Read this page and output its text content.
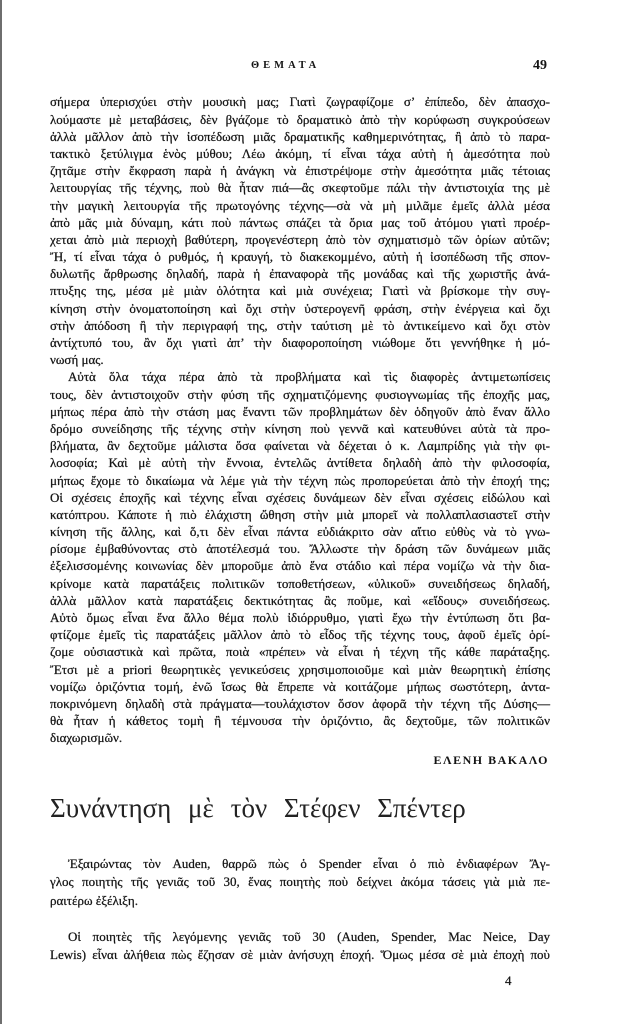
ΘΕΜΑΤΑ	49
σήμερα ὑπερισχύει στὴν μουσικὴ μας; Γιατὶ ζωγραφίζομε σ’ ἐπίπεδο, δὲν ἀπασχο-
λούμαστε μὲ μεταβάσεις, δὲν βγάζομε τὸ δραματικὸ ἀπὸ τὴν κορύφωση συγκρούσεων
ἀλλὰ μᾶλλον ἀπὸ τὴν ἰσοπέδωση μιᾶς δραματικῆς καθημερινότητας, ἢ ἀπὸ τὸ παρα-
τακτικὸ ξετύλιγμα ἑνὸς μύθου; Λέω ἀκόμη, τί εἶναι τάχα αὐτὴ ἡ ἀμεσότητα ποὺ
ζητᾶμε στὴν ἔκφραση παρὰ ἡ ἀνάγκη νὰ ἐπιστρέψομε στὴν ἀμεσότητα μιᾶς τέτοιας
λειτουργίας τῆς τέχνης, ποὺ θὰ ἦταν πιά—ἂς σκεφτοῦμε πάλι τὴν ἀντιστοιχία της μὲ
τὴν μαγικὴ λειτουργία τῆς πρωτογόνης τέχνης—σὰ νὰ μὴ μιλᾶμε ἐμεῖς ἀλλὰ μέσα
ἀπὸ μᾶς μιὰ δύναμη, κάτι ποὺ πάντως σπάζει τὰ ὅρια μας τοῦ ἀτόμου γιατὶ προέρ-
χεται ἀπὸ μιὰ περιοχὴ βαθύτερη, προγενέστερη ἀπὸ τὸν σχηματισμὸ τῶν ὁρίων αὐτῶν;
Ἤ, τί εἶναι τάχα ὁ ρυθμός, ἡ κραυγή, τὸ διακεκομμένο, αὐτὴ ἡ ἰσοπέδωση τῆς σπον-
δυλωτῆς ἄρθρωσης δηλαδή, παρὰ ἡ ἐπαναφορὰ τῆς μονάδας καὶ τῆς χωριστῆς ἀνά-
πτυξης της, μέσα μὲ μιὰν ὁλότητα καὶ μιὰ συνέχεια; Γιατὶ νὰ βρίσκομε τὴν συγ-
κίνηση στὴν ὀνοματοποίηση καὶ ὄχι στὴν ὑστερογενῆ φράση, στὴν ἐνέργεια καὶ ὄχι
στὴν ἀπόδοση ἢ τὴν περιγραφή της, στὴν ταύτιση μὲ τὸ ἀντικείμενο καὶ ὄχι στὸν
ἀντίχτυπό του, ἂν ὄχι γιατὶ ἀπ’ τὴν διαφοροποίηση νιώθομε ὅτι γεννήθηκε ἡ μό-
νωσή μας.
Αὐτὰ ὅλα τάχα πέρα ἀπὸ τὰ προβλήματα καὶ τὶς διαφορὲς ἀντιμετωπίσεις
τους, δὲν ἀντιστοιχοῦν στὴν φύση τῆς σχηματιζόμενης φυσιογνωμίας τῆς ἐποχῆς μας,
μήπως πέρα ἀπὸ τὴν στάση μας ἔναντι τῶν προβλημάτων δὲν ὁδηγοῦν ἀπὸ ἕναν ἄλλο
δρόμο συνείδησης τῆς τέχνης στὴν κίνηση ποὺ γεννᾶ καὶ κατευθύνει αὐτὰ τὰ προ-
βλήματα, ἂν δεχτοῦμε μάλιστα ὅσα φαίνεται νὰ δέχεται ὁ κ. Λαμπρίδης γιὰ τὴν φι-
λοσοφία; Καὶ μὲ αὐτὴ τὴν ἔννοια, ἐντελῶς ἀντίθετα δηλαδὴ ἀπὸ τὴν φιλοσοφία,
μήπως ἔχομε τὸ δικαίωμα νὰ λέμε γιὰ τὴν τέχνη πὼς προπορεύεται ἀπὸ τὴν ἐποχή της;
Οἱ σχέσεις ἐποχῆς καὶ τέχνης εἶναι σχέσεις δυνάμεων δὲν εἶναι σχέσεις εἰδώλου καὶ
κατόπτρου. Κάποτε ἡ πιὸ ἐλάχιστη ὤθηση στὴν μιὰ μπορεῖ νὰ πολλαπλασιαστεῖ στὴν
κίνηση τῆς ἄλλης, καὶ ὅ,τι δὲν εἶναι πάντα εὐδιάκριτο σὰν αἴτιο εὐθὺς νὰ τὸ γνω-
ρίσομε ἐμβαθύνοντας στὸ ἀποτέλεσμά του. Ἄλλωστε τὴν δράση τῶν δυνάμεων μιᾶς
ἐξελισσομένης κοινωνίας δὲν μποροῦμε ἀπὸ ἕνα στάδιο καὶ πέρα νομίζω νὰ τὴν δια-
κρίνομε κατὰ παρατάξεις πολιτικῶν τοποθετήσεων, «ὑλικοῦ» συνειδήσεως δηλαδή,
ἀλλὰ μᾶλλον κατὰ παρατάξεις δεκτικότητας ἂς ποῦμε, καὶ «εἴδους» συνειδήσεως.
Αὐτὸ ὅμως εἶναι ἕνα ἄλλο θέμα πολὺ ἰδιόρρυθμο, γιατὶ ἔχω τὴν ἐντύπωση ὅτι βα-
φτίζομε ἐμεῖς τὶς παρατάξεις μᾶλλον ἀπὸ τὸ εἶδος τῆς τέχνης τους, ἀφοῦ ἐμεῖς ὁρί-
ζομε οὐσιαστικὰ καὶ πρῶτα, ποιὰ «πρέπει» νὰ εἶναι ἡ τέχνη τῆς κάθε παράταξης.
Ἔτσι μὲ a priori θεωρητικὲς γενικεύσεις χρησιμοποιοῦμε καὶ μιὰν θεωρητικὴ ἐπίσης
νομίζω ὁριζόντια τομή, ἐνῶ ἴσως θὰ ἔπρεπε νὰ κοιτάζομε μήπως σωστότερη, ἀντα-
ποκρινόμενη δηλαδὴ στὰ πράγματα—τουλάχιστον ὅσον ἀφορᾶ τὴν τέχνη τῆς Δύσης—
θὰ ἦταν ἡ κάθετος τομὴ ἢ τέμνουσα τὴν ὁριζόντιο, ἂς δεχτοῦμε, τῶν πολιτικῶν
διαχωρισμῶν.
ΕΛΕΝΗ ΒΑΚΑΛΟ
Συνάντηση μὲ τὸν Στέφεν Σπέντερ
Ἐξαιρώντας τὸν Auden, θαρρῶ πὼς ὁ Spender εἶναι ὁ πιὸ ἐνδιαφέρων Ἄγ-
γλος ποιητὴς τῆς γενιᾶς τοῦ 30, ἕνας ποιητὴς ποὺ δείχνει ἀκόμα τάσεις γιὰ μιὰ πε-
ραιτέρω ἐξέλιξη.
Οἱ ποιητὲς τῆς λεγόμενης γενιᾶς τοῦ 30 (Auden, Spender, Mac Neice, Day
Lewis) εἶναι ἀλήθεια πὼς ἔζησαν σὲ μιὰν ἀνήσυχη ἐποχή. Ὅμως μέσα σὲ μιὰ ἐποχὴ ποὺ
4
